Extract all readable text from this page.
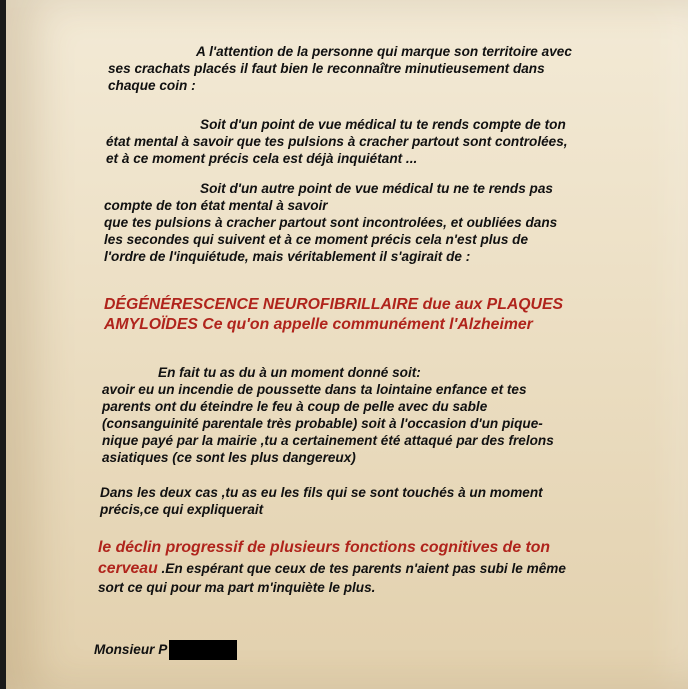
A l'attention de la personne qui marque son territoire avec
ses crachats placés il faut bien le reconnaître minutieusement dans
chaque coin :
Soit d'un point de vue médical tu te rends compte de ton
état mental à savoir que tes pulsions à cracher partout sont controlées,
et à ce moment précis cela est déjà inquiétant ...
Soit d'un autre point de vue médical tu ne te rends pas
compte de ton état mental à savoir
que tes pulsions à cracher partout sont incontrolées, et oubliées dans
les secondes qui suivent et à ce moment précis cela n'est plus de
l'ordre de l'inquiétude, mais véritablement il s'agirait de :
DÉGÉNÉRESCENCE NEUROFIBRILLAIRE due aux PLAQUES
AMYLOÏDES Ce qu'on appelle communément l'Alzheimer
En fait tu as du à un moment donné soit:
avoir eu un incendie de poussette dans ta lointaine enfance et tes
parents ont du éteindre le feu à coup de pelle avec du sable
(consanguinité parentale très probable) soit à l'occasion d'un pique-
nique payé par la mairie ,tu a certainement été attaqué par des frelons
asiatiques (ce sont les plus dangereux)
Dans les deux cas ,tu as eu les fils qui se sont touchés à un moment
précis,ce qui expliquerait
le déclin progressif de plusieurs fonctions cognitives de ton
cerveau .En espérant que ceux de tes parents n'aient pas subi le même
sort ce qui pour ma part m'inquiète le plus.
Monsieur P
